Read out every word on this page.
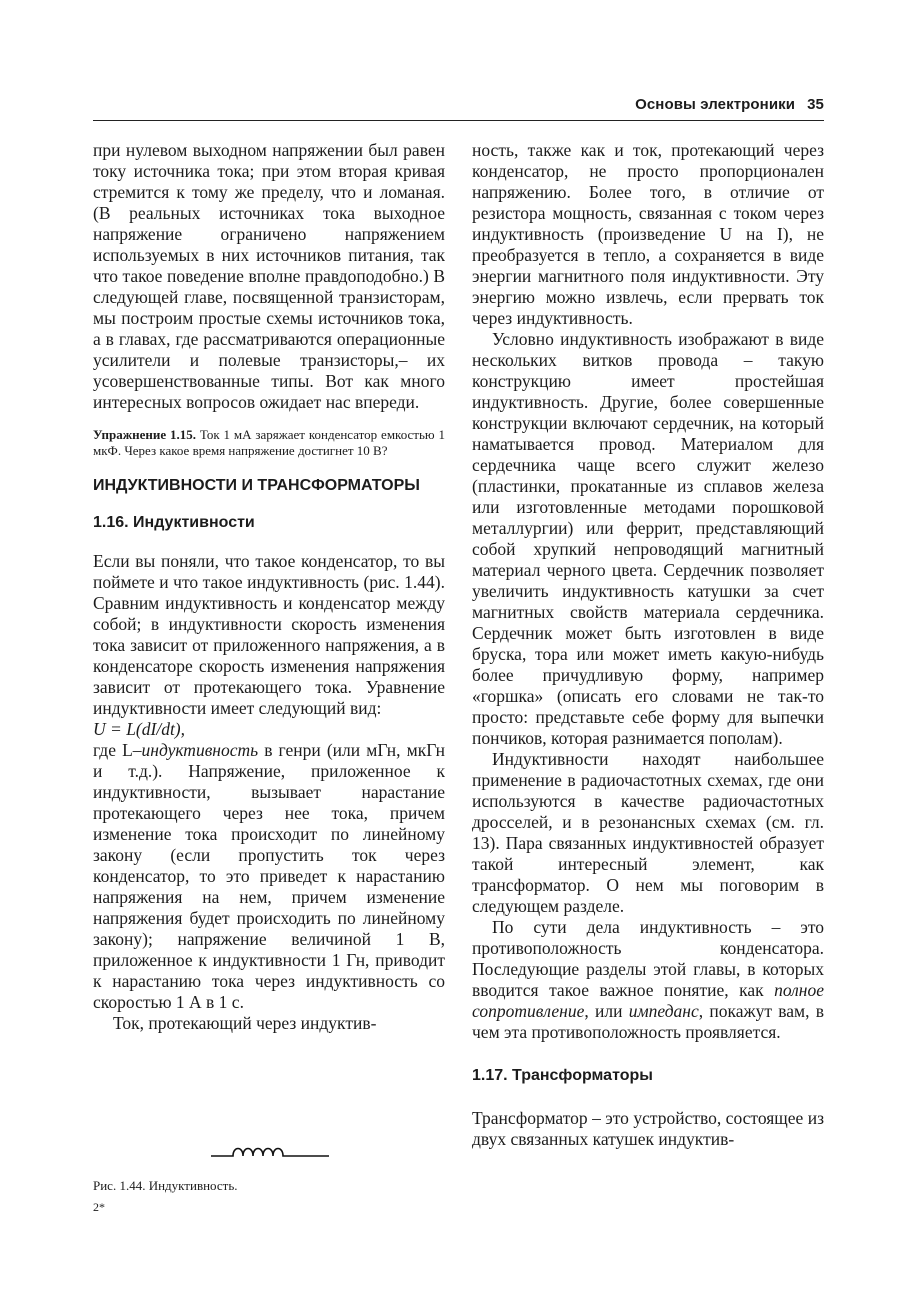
Основы электроники 35

при нулевом выходном напряжении был равен току источника тока; при этом вторая кривая стремится к тому же пределу, что и ломаная. (В реальных источниках тока выходное напряжение ограничено напряжением используемых в них источников питания, так что такое поведение вполне правдоподобно.) В следующей главе, посвященной транзисторам, мы построим простые схемы источников тока, а в главах, где рассматриваются операционные усилители и полевые транзисторы,– их усовершенствованные типы. Вот как много интересных вопросов ожидает нас впереди.

Упражнение 1.15. Ток 1 мА заряжает конденсатор емкостью 1 мкФ. Через какое время напряжение достигнет 10 В?

ИНДУКТИВНОСТИ И ТРАНСФОРМАТОРЫ
1.16. Индуктивности

Если вы поняли, что такое конденсатор, то вы поймете и что такое индуктивность (рис. 1.44). Сравним индуктивность и конденсатор между собой; в индуктивности скорость изменения тока зависит от приложенного напряжения, а в конденсаторе скорость изменения напряжения зависит от протекающего тока. Уравнение индуктивности имеет следующий вид:

U = L(dI/dt),

где L–индуктивность в генри (или мГн, мкГн и т.д.). Напряжение, приложенное к индуктивности, вызывает нарастание протекающего через нее тока, причем изменение тока происходит по линейному закону (если пропустить ток через конденсатор, то это приведет к нарастанию напряжения на нем, причем изменение напряжения будет происходить по линейному закону); напряжение величиной 1 В, приложенное к индуктивности 1 Гн, приводит к нарастанию тока через индуктивность со скоростью 1 А в 1 с.

Ток, протекающий через индуктив-

Рис. 1.44. Индуктивность.
2*

ность, также как и ток, протекающий через конденсатор, не просто пропорционален напряжению. Более того, в отличие от резистора мощность, связанная с током через индуктивность (произведение U на I), не преобразуется в тепло, а сохраняется в виде энергии магнитного поля индуктивности. Эту энергию можно извлечь, если прервать ток через индуктивность.

Условно индуктивность изображают в виде нескольких витков провода – такую конструкцию имеет простейшая индуктивность. Другие, более совершенные конструкции включают сердечник, на который наматывается провод. Материалом для сердечника чаще всего служит железо (пластинки, прокатанные из сплавов железа или изготовленные методами порошковой металлургии) или феррит, представляющий собой хрупкий непроводящий магнитный материал черного цвета. Сердечник позволяет увеличить индуктивность катушки за счет магнитных свойств материала сердечника. Сердечник может быть изготовлен в виде бруска, тора или может иметь какую-нибудь более причудливую форму, например «горшка» (описать его словами не так-то просто: представьте себе форму для выпечки пончиков, которая разнимается пополам).

Индуктивности находят наибольшее применение в радиочастотных схемах, где они используются в качестве радиочастотных дросселей, и в резонансных схемах (см. гл. 13). Пара связанных индуктивностей образует такой интересный элемент, как трансформатор. О нем мы поговорим в следующем разделе.

По сути дела индуктивность – это противоположность конденсатора. Последующие разделы этой главы, в которых вводится такое важное понятие, как полное сопротивление, или импеданс, покажут вам, в чем эта противоположность проявляется.

1.17. Трансформаторы

Трансформатор – это устройство, состоящее из двух связанных катушек индуктив-
